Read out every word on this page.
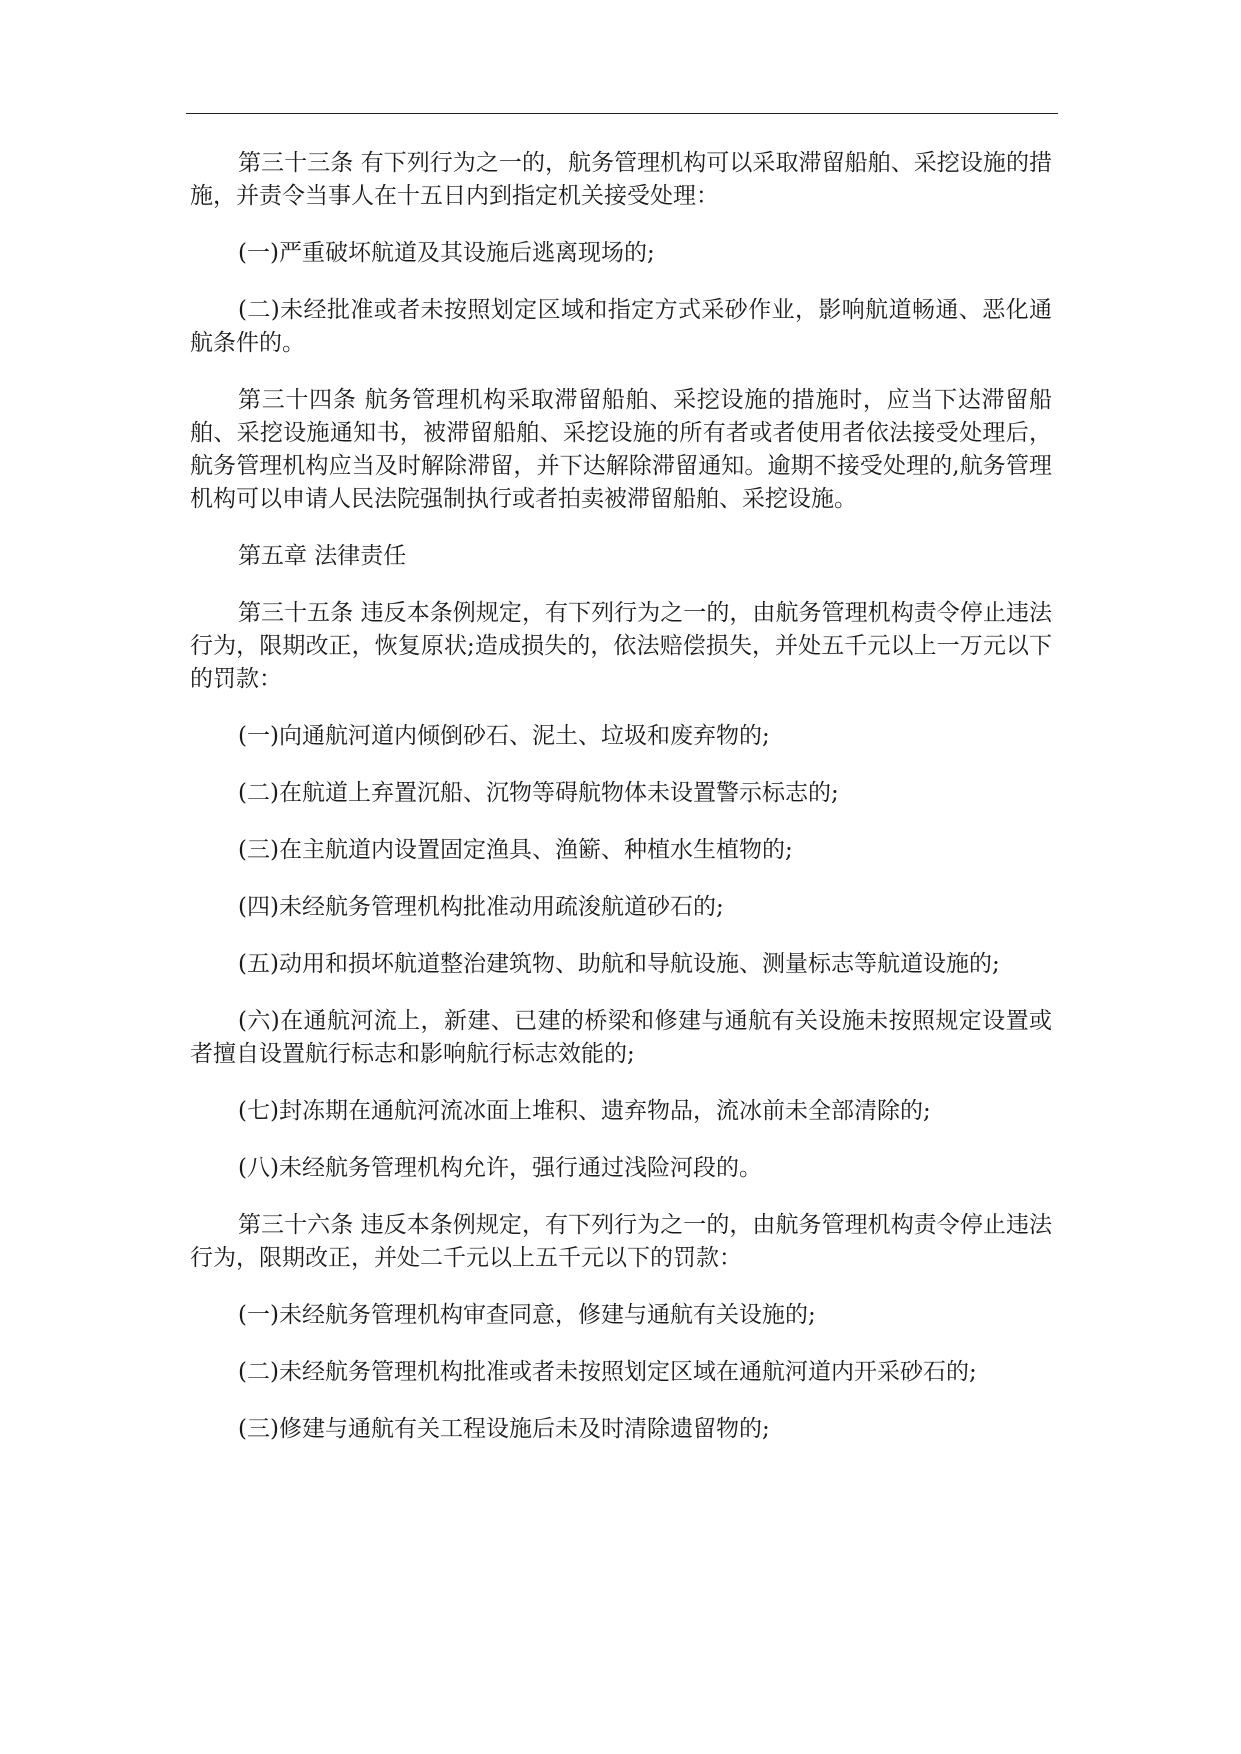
第三十三条 有下列行为之一的，航务管理机构可以采取滞留船舶、采挖设施的措施，并责令当事人在十五日内到指定机关接受处理：

(一)严重破坏航道及其设施后逃离现场的;

(二)未经批准或者未按照划定区域和指定方式采砂作业，影响航道畅通、恶化通航条件的。

第三十四条 航务管理机构采取滞留船舶、采挖设施的措施时，应当下达滞留船舶、采挖设施通知书，被滞留船舶、采挖设施的所有者或者使用者依法接受处理后，航务管理机构应当及时解除滞留，并下达解除滞留通知。逾期不接受处理的,航务管理机构可以申请人民法院强制执行或者拍卖被滞留船舶、采挖设施。

第五章 法律责任

第三十五条 违反本条例规定，有下列行为之一的，由航务管理机构责令停止违法行为，限期改正，恢复原状;造成损失的，依法赔偿损失，并处五千元以上一万元以下的罚款：

(一)向通航河道内倾倒砂石、泥土、垃圾和废弃物的;

(二)在航道上弃置沉船、沉物等碍航物体未设置警示标志的;

(三)在主航道内设置固定渔具、渔簖、种植水生植物的;

(四)未经航务管理机构批准动用疏浚航道砂石的;

(五)动用和损坏航道整治建筑物、助航和导航设施、测量标志等航道设施的;

(六)在通航河流上，新建、已建的桥梁和修建与通航有关设施未按照规定设置或者擅自设置航行标志和影响航行标志效能的;

(七)封冻期在通航河流冰面上堆积、遗弃物品，流冰前未全部清除的;

(八)未经航务管理机构允许，强行通过浅险河段的。

第三十六条 违反本条例规定，有下列行为之一的，由航务管理机构责令停止违法行为，限期改正，并处二千元以上五千元以下的罚款：

(一)未经航务管理机构审查同意，修建与通航有关设施的;

(二)未经航务管理机构批准或者未按照划定区域在通航河道内开采砂石的;

(三)修建与通航有关工程设施后未及时清除遗留物的;
